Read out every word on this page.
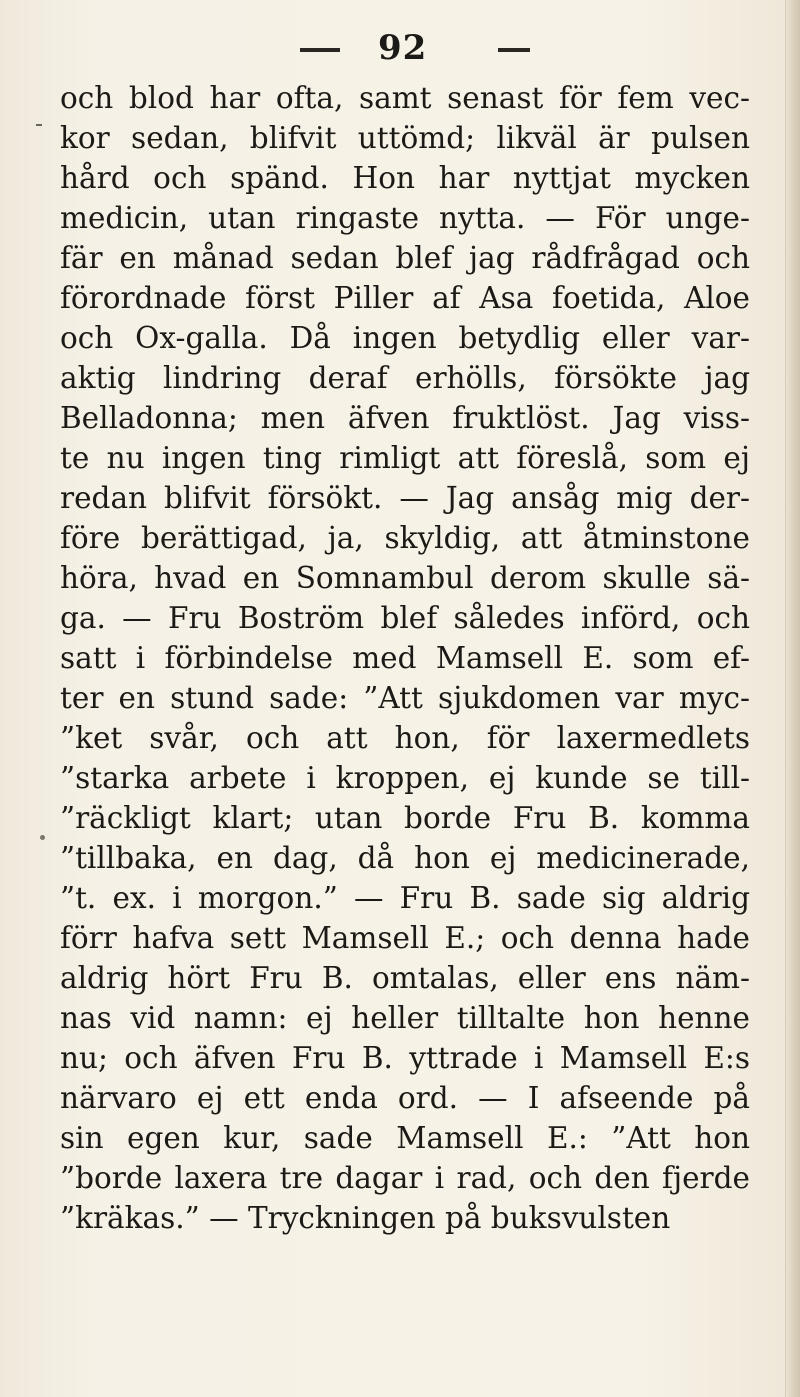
92
och blod har ofta, samt senast för fem vec-
kor sedan, blifvit uttömd; likväl är pulsen
hård och spänd. Hon har nyttjat mycken
medicin, utan ringaste nytta. — För unge-
fär en månad sedan blef jag rådfrågad och
förordnade först Piller af Asa foetida, Aloe
och Ox-galla. Då ingen betydlig eller var-
aktig lindring deraf erhölls, försökte jag
Belladonna; men äfven fruktlöst. Jag viss-
te nu ingen ting rimligt att föreslå, som ej
redan blifvit försökt. — Jag ansåg mig der-
före berättigad, ja, skyldig, att åtminstone
höra, hvad en Somnambul derom skulle sä-
ga. — Fru Boström blef således införd, och
satt i förbindelse med Mamsell E. som ef-
ter en stund sade: ”Att sjukdomen var myc-
”ket svår, och att hon, för laxermedlets
”starka arbete i kroppen, ej kunde se till-
”räckligt klart; utan borde Fru B. komma
”tillbaka, en dag, då hon ej medicinerade,
”t. ex. i morgon.” — Fru B. sade sig aldrig
förr hafva sett Mamsell E.; och denna hade
aldrig hört Fru B. omtalas, eller ens näm-
nas vid namn: ej heller tilltalte hon henne
nu; och äfven Fru B. yttrade i Mamsell E:s
närvaro ej ett enda ord. — I afseende på
sin egen kur, sade Mamsell E.: ”Att hon
”borde laxera tre dagar i rad, och den fjerde
”kräkas.” — Tryckningen på buksvulsten
